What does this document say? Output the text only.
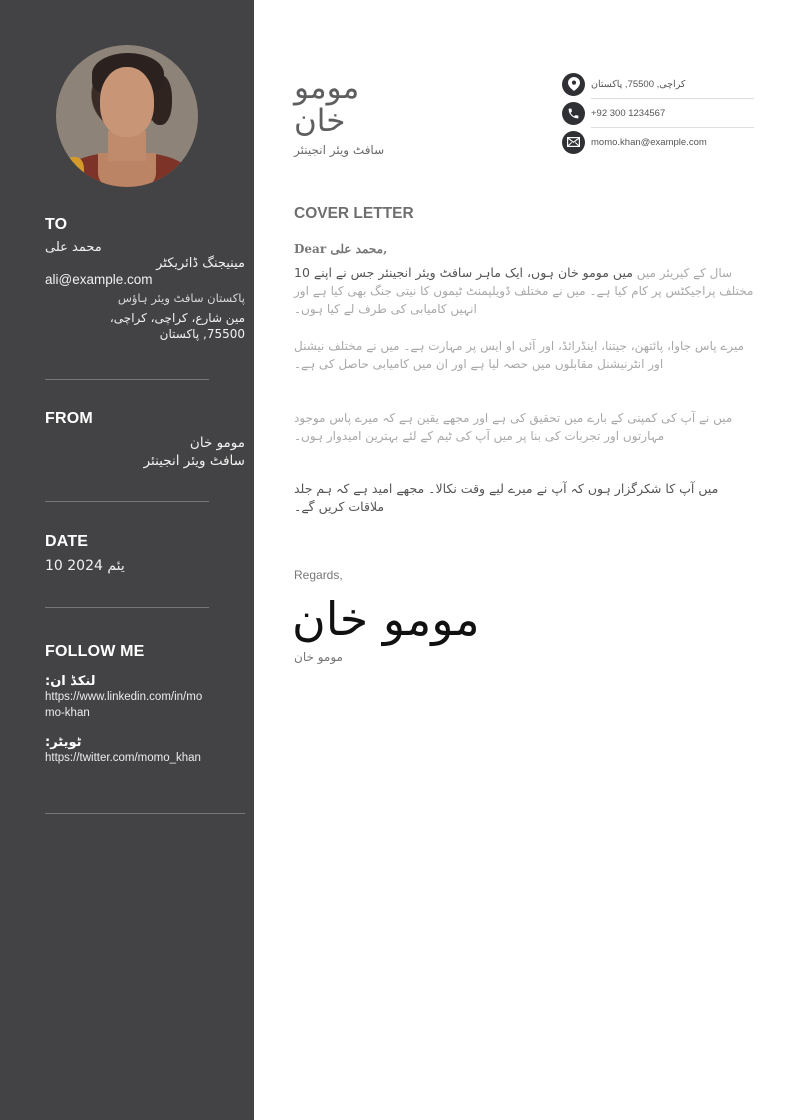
TO
محمد علی
مینیجنگ ڈائریکٹر
ali@example.com
پاکستان سافٹ ویئر ہاؤس
مین شارع، کراچی، کراچی،
75500, پاکستان
FROM
مومو خان
سافٹ ویئر انجینئر
DATE
10 2024 مئی
FOLLOW ME
لنکڈ ان:
https://www.linkedin.com/in/momo-khan
ٹویٹر:
https://twitter.com/momo_khan
مومو
خان
سافٹ ویئر انجینئر
کراچی, 75500, پاکستان
+92 300 1234567
momo.khan@example.com
COVER LETTER
Dear محمد علی,
میں مومو خان ہوں، ایک ماہر سافٹ ویئر انجینئر جس نے اپنے 10 سال کے کیریئر میں مختلف پراجیکٹس پر کام کیا ہے۔ میں نے مختلف ڈویلپمنٹ ٹیموں کا نیتی جنگ بھی کیا ہے اور انہیں کامیابی کی طرف لے کیا ہوں۔
میرے پاس جاوا، پائتھن، جیتنا، اینڈرائڈ، اور آئی او ایس پر مہارت ہے۔ میں نے مختلف نیشنل اور انٹرنیشنل مقابلوں میں حصہ لیا ہے اور ان میں کامیابی حاصل کی ہے۔
میں نے آپ کی کمپنی کے بارے میں تحقیق کی ہے اور مجھے یقین ہے کہ میرے پاس موجود مہارتوں اور تجربات کی بنا پر میں آپ کی ٹیم کے لئے بہترین امیدوار ہوں۔
میں آپ کا شکرگزار ہوں کہ آپ نے میرے لیے وقت نکالا۔ مجھے امید ہے کہ ہم جلد ملاقات کریں گے۔
Regards,
مومو خان
مومو خان
